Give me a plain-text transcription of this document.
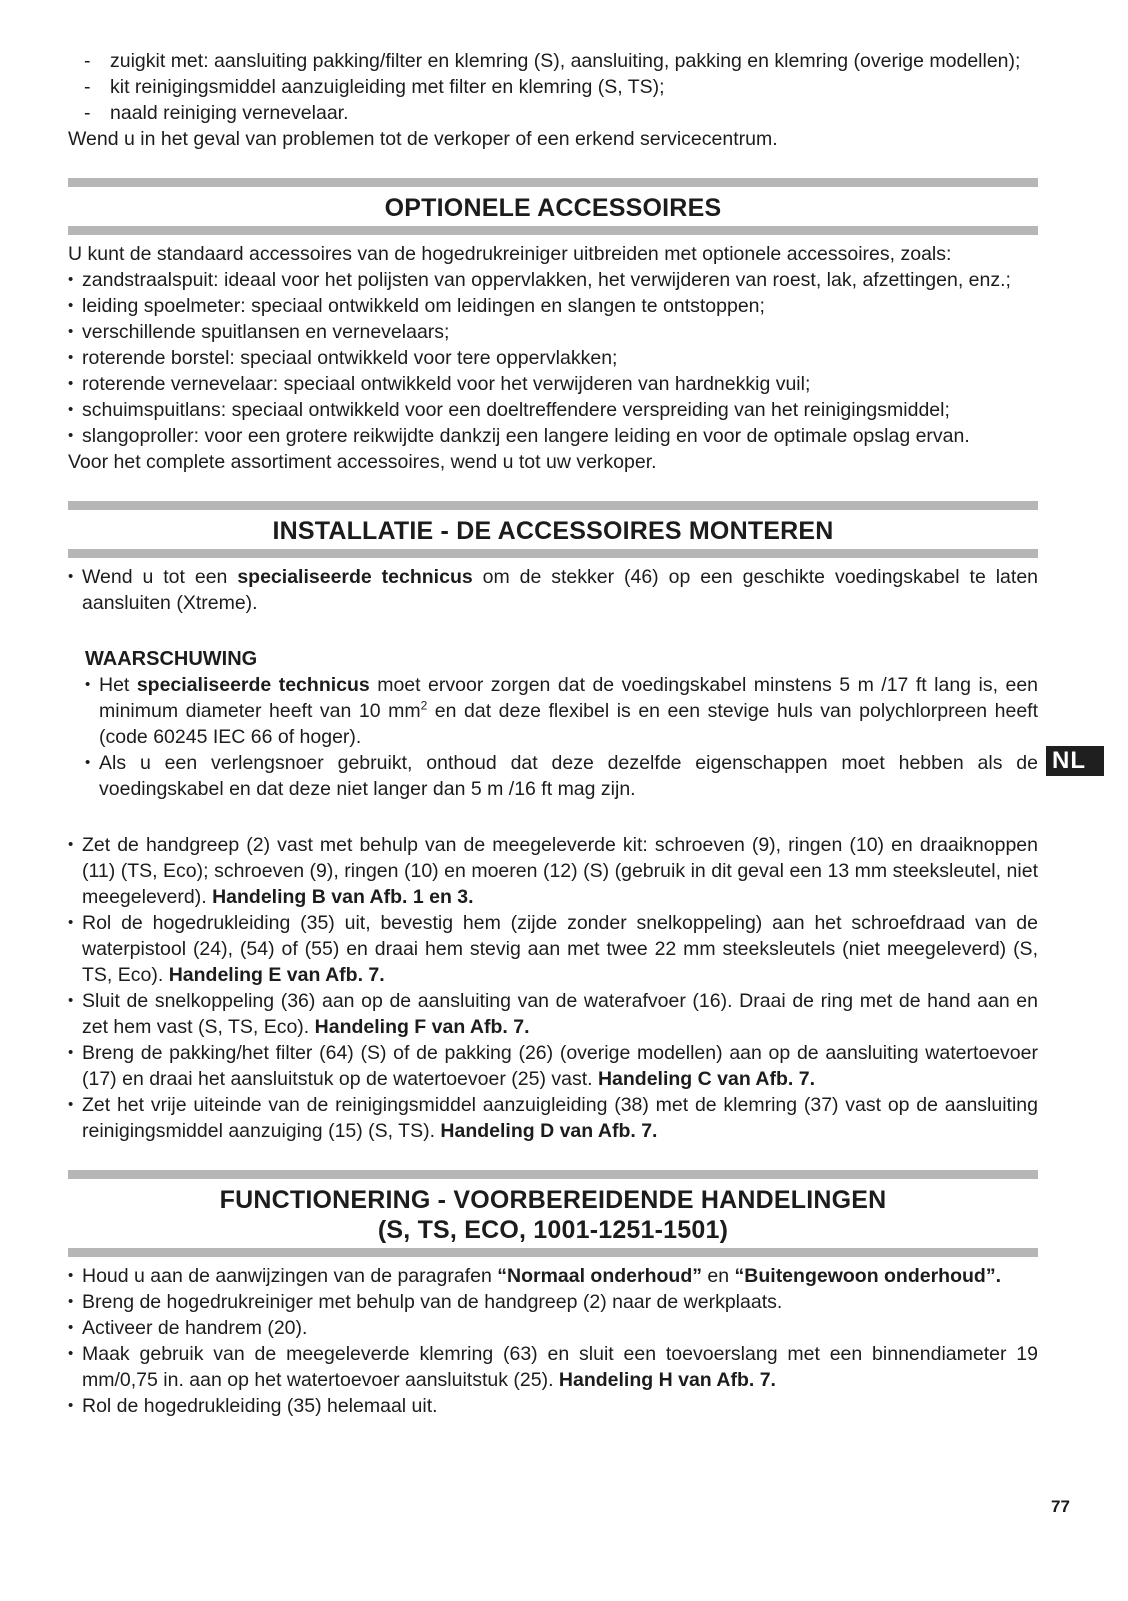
- zuigkit met: aansluiting pakking/filter en klemring (S), aansluiting, pakking en klemring (overige modellen);
- kit reinigingsmiddel aanzuigleiding met filter en klemring (S, TS);
- naald reiniging vernevelaar.

Wend u in het geval van problemen tot de verkoper of een erkend servicecentrum.

OPTIONELE ACCESSOIRES

U kunt de standaard accessoires van de hogedrukreiniger uitbreiden met optionele accessoires, zoals:

• zandstraalspuit: ideaal voor het polijsten van oppervlakken, het verwijderen van roest, lak, afzettingen, enz.;
• leiding spoelmeter: speciaal ontwikkeld om leidingen en slangen te ontstoppen;
• verschillende spuitlansen en vernevelaars;
• roterende borstel: speciaal ontwikkeld voor tere oppervlakken;
• roterende vernevelaar: speciaal ontwikkeld voor het verwijderen van hardnekkig vuil;
• schuimspuitlans: speciaal ontwikkeld voor een doeltreffendere verspreiding van het reinigingsmiddel;
• slangoproller: voor een grotere reikwijdte dankzij een langere leiding en voor de optimale opslag ervan.

Voor het complete assortiment accessoires, wend u tot uw verkoper.

INSTALLATIE - DE ACCESSOIRES MONTEREN
• Wend u tot een specialiseerde technicus om de stekker (46) op een geschikte voedingskabel te laten aansluiten (Xtreme).
WAARSCHUWING
• Het specialiseerde technicus moet ervoor zorgen dat de voedingskabel minstens 5 m /17 ft lang is, een minimum diameter heeft van 10 $mm^2$ en dat deze flexibel is en een stevige huls van polychlorpreen heeft (code 60245 IEC 66 of hoger).
• Als u een verlengsnoer gebruikt, onthoud dat deze dezelfde eigenschappen moet hebben als de voedingskabel en dat deze niet langer dan 5 m /16 ft mag zijn.
• Zet de handgreep (2) vast met behulp van de meegeleverde kit: schroeven (9), ringen (10) en draaiknoppen (11) (TS, Eco); schroeven (9), ringen (10) en moeren (12) (S) (gebruik in dit geval een 13 mm steeksleutel, niet meegeleverd). Handeling B van Afb. 1 en 3.
• Rol de hogedrukleiding (35) uit, bevestig hem (zijde zonder snelkoppeling) aan het schroefdraad van de waterpistool (24), (54) of (55) en draai hem stevig aan met twee 22 mm steeksleutels (niet meegeleverd) (S, TS, Eco). Handeling E van Afb. 7.
• Sluit de snelkoppeling (36) aan op de aansluiting van de waterafvoer (16). Draai de ring met de hand aan en zet hem vast (S, TS, Eco). Handeling F van Afb. 7.
• Breng de pakking/het filter (64) (S) of de pakking (26) (overige modellen) aan op de aansluiting watertoevoer (17) en draai het aansluitstuk op de watertoevoer (25) vast. Handeling C van Afb. 7.
• Zet het vrije uiteinde van de reinigingsmiddel aanzuigleiding (38) met de klemring (37) vast op de aansluiting reinigingsmiddel aanzuiging (15) (S, TS). Handeling D van Afb. 7.
FUNCTIONERING - VOORBEREIDENDE HANDELINGEN
(S, TS, ECO, 1001-1251-1501)
• Houd u aan de aanwijzingen van de paragrafen “Normaal onderhoud” en “Buitengewoon onderhoud”.
• Breng de hogedrukreiniger met behulp van de handgreep (2) naar de werkplaats.
• Activeer de handrem (20).
• Maak gebruik van de meegeleverde klemring (63) en sluit een toevoerslang met een binnendiameter 19 mm/0,75 in. aan op het watertoevoer aansluitstuk (25). Handeling H van Afb. 7.
• Rol de hogedrukleiding (35) helemaal uit.
NL
77
